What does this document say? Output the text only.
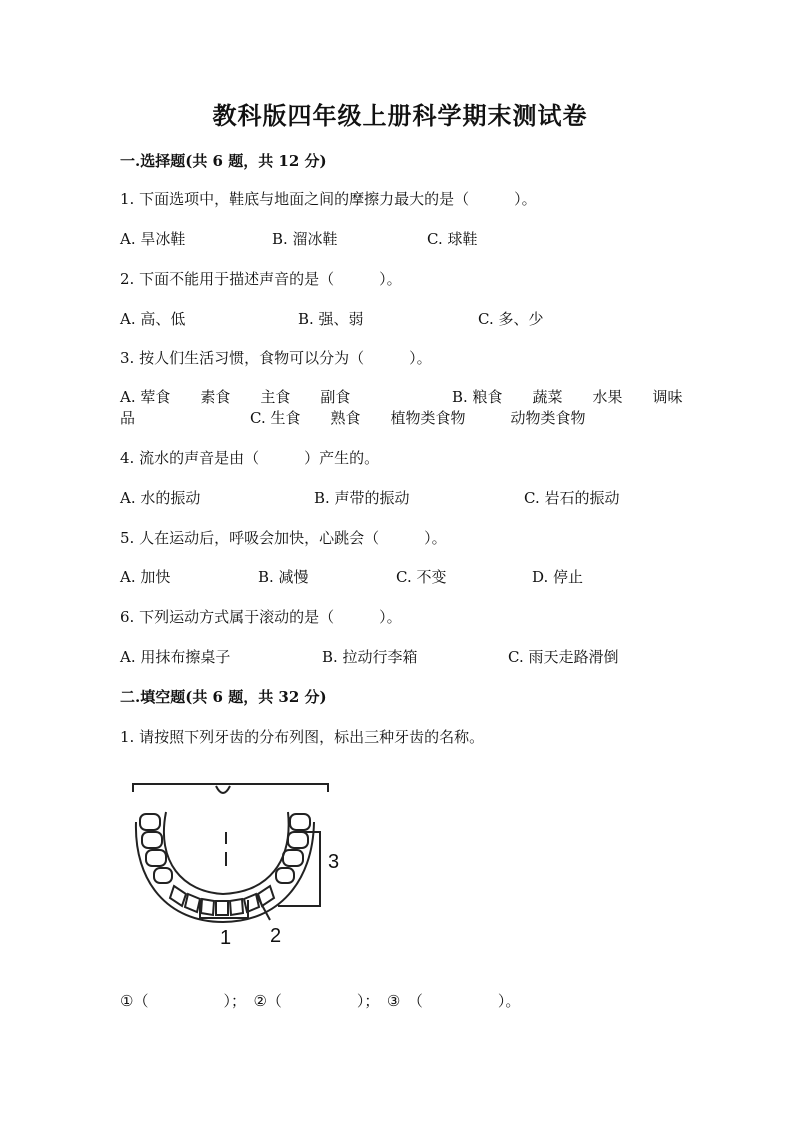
教科版四年级上册科学期末测试卷
一.选择题(共 6 题，共 12 分)
1. 下面选项中，鞋底与地面之间的摩擦力最大的是（　　　）。
A. 旱冰鞋	B. 溜冰鞋	C. 球鞋
2. 下面不能用于描述声音的是（　　　）。
A. 高、低	B. 强、弱	C. 多、少
3. 按人们生活习惯，食物可以分为（　　　）。
A. 荤食　　素食　　主食　　副食	B. 粮食　　蔬菜　　水果　　调味
品	C. 生食　　熟食　　植物类食物　　　动物类食物
4. 流水的声音是由（　　　）产生的。
A. 水的振动	B. 声带的振动	C. 岩石的振动
5. 人在运动后，呼吸会加快，心跳会（　　　）。
A. 加快	B. 减慢	C. 不变	D. 停止
6. 下列运动方式属于滚动的是（　　　）。
A. 用抹布擦桌子	B. 拉动行李箱	C. 雨天走路滑倒
二.填空题(共 6 题，共 32 分)
1. 请按照下列牙齿的分布列图，标出三种牙齿的名称。
1 2
3
①（　　　　　）；　②（　　　　　）；　③　（　　　　　）。
